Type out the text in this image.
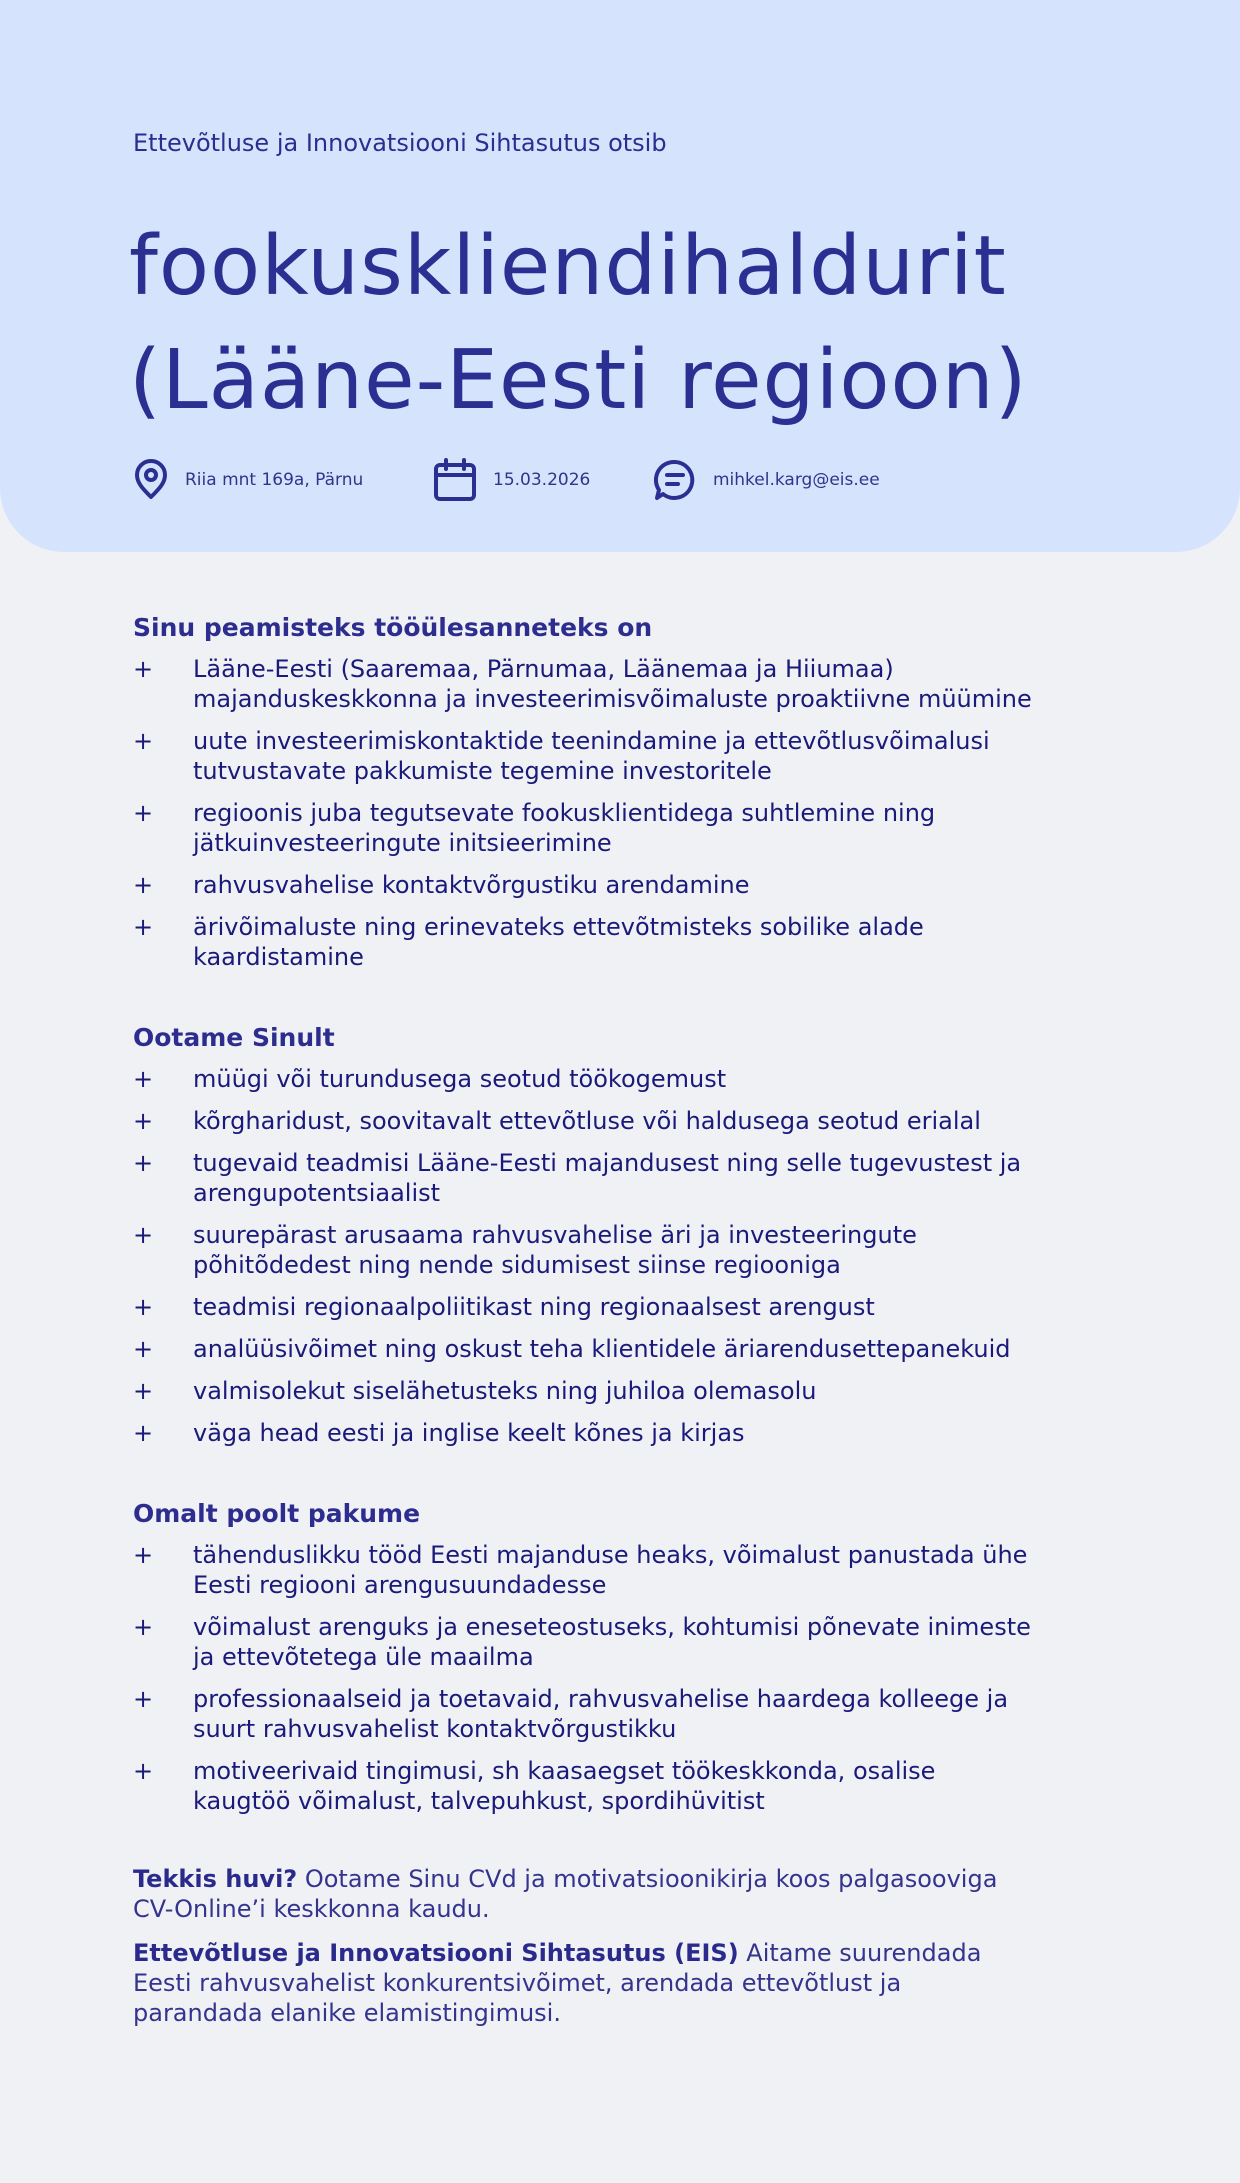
Ettevõtluse ja Innovatsiooni Sihtasutus otsib

fookuskliendihaldurit
(Lääne-Eesti regioon)
Riia mnt 169a, Pärnu	15.03.2026	mihkel.karg@eis.ee
Sinu peamisteks tööülesanneteks on
+	Lääne-Eesti (Saaremaa, Pärnumaa, Läänemaa ja Hiiumaa) majanduskeskkonna ja investeerimisvõimaluste proaktiivne müümine
+	uute investeerimiskontaktide teenindamine ja ettevõtlusvõimalusi tutvustavate pakkumiste tegemine investoritele
+	regioonis juba tegutsevate fookusklientidega suhtlemine ning jätkuinvesteeringute initsieerimine
+	rahvusvahelise kontaktvõrgustiku arendamine
+	ärivõimaluste ning erinevateks ettevõtmisteks sobilike alade kaardistamine
Ootame Sinult
+	müügi või turundusega seotud töökogemust
+	kõrgharidust, soovitavalt ettevõtluse või haldusega seotud erialal
+	tugevaid teadmisi Lääne-Eesti majandusest ning selle tugevustest ja arengupotentsiaalist
+	suurepärast arusaama rahvusvahelise äri ja investeeringute põhitõdedest ning nende sidumisest siinse regiooniga
+	teadmisi regionaalpoliitikast ning regionaalsest arengust
+	analüüsivõimet ning oskust teha klientidele äriarendusettepanekuid
+	valmisolekut siselähetusteks ning juhiloa olemasolu
+	väga head eesti ja inglise keelt kõnes ja kirjas
Omalt poolt pakume
+	tähenduslikku tööd Eesti majanduse heaks, võimalust panustada ühe Eesti regiooni arengusuundadesse
+	võimalust arenguks ja eneseteostuseks, kohtumisi põnevate inimeste ja ettevõtetega üle maailma
+	professionaalseid ja toetavaid, rahvusvahelise haardega kolleege ja suurt rahvusvahelist kontaktvõrgustikku
+	motiveerivaid tingimusi, sh kaasaegset töökeskkonda, osalise kaugtöö võimalust, talvepuhkust, spordihüvitist

Tekkis huvi? Ootame Sinu CVd ja motivatsioonikirja koos palgasooviga CV-Online’i keskkonna kaudu.

Ettevõtluse ja Innovatsiooni Sihtasutus (EIS) Aitame suurendada Eesti rahvusvahelist konkurentsivõimet, arendada ettevõtlust ja parandada elanike elamistingimusi.
